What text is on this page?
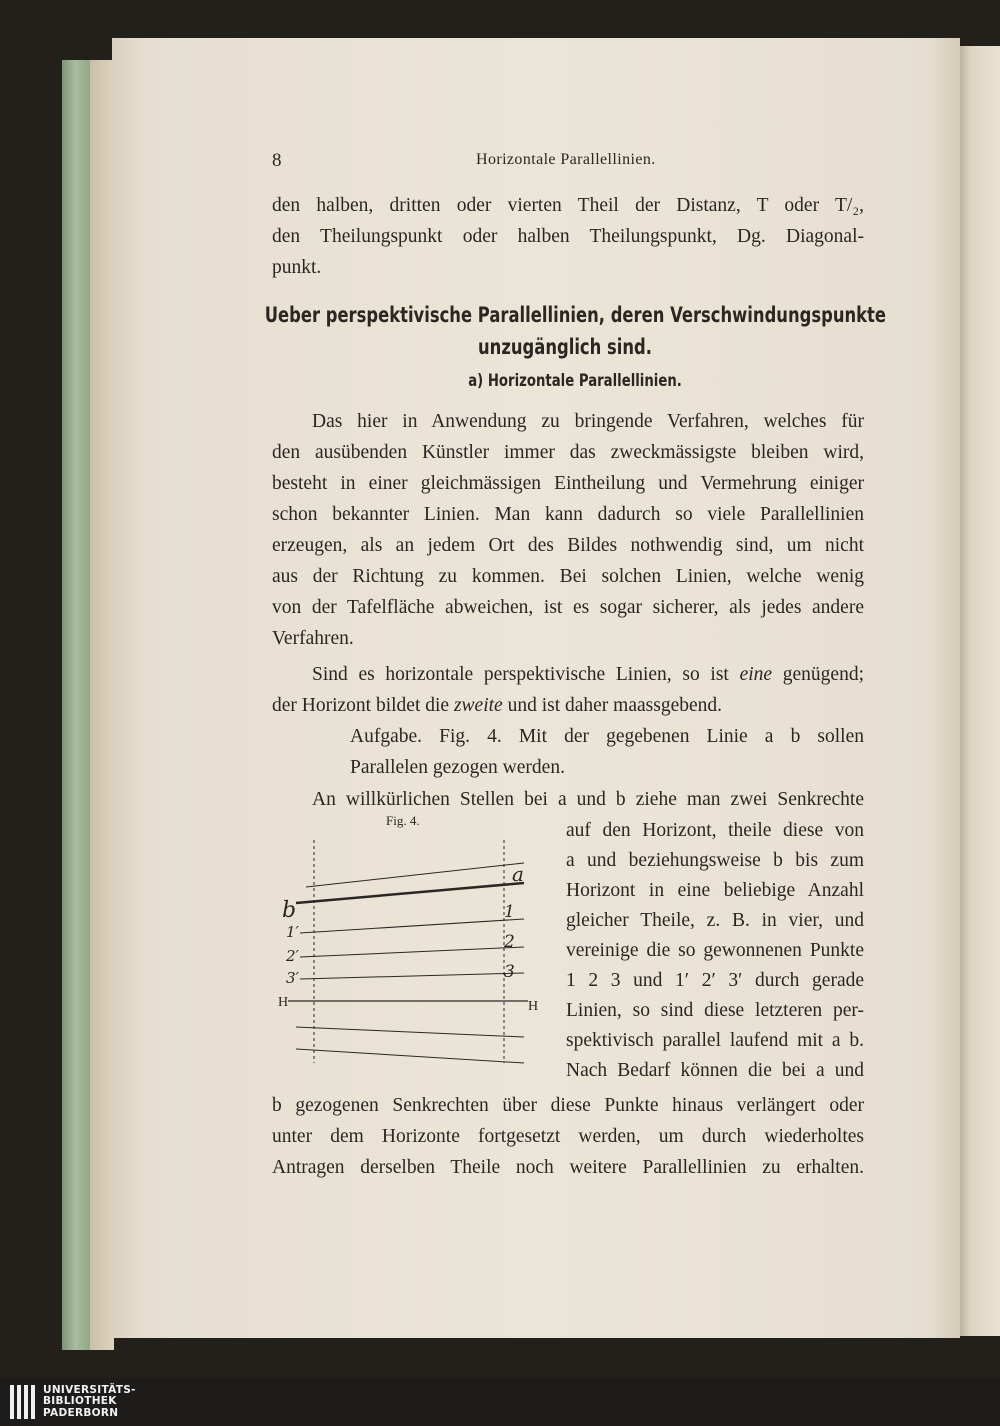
8	Horizontale Parallellinien.
den halben, dritten oder vierten Theil der Distanz, T oder T/₂,
den Theilungspunkt oder halben Theilungspunkt, Dg. Diagonal-
punkt.
Ueber perspektivische Parallellinien, deren Verschwindungspunkte
unzugänglich sind.
a) Horizontale Parallellinien.
Das hier in Anwendung zu bringende Verfahren, welches für
den ausübenden Künstler immer das zweckmässigste bleiben wird,
besteht in einer gleichmässigen Eintheilung und Vermehrung einiger
schon bekannter Linien. Man kann dadurch so viele Parallellinien
erzeugen, als an jedem Ort des Bildes nothwendig sind, um nicht
aus der Richtung zu kommen. Bei solchen Linien, welche wenig
von der Tafelfläche abweichen, ist es sogar sicherer, als jedes andere
Verfahren.
Sind es horizontale perspektivische Linien, so ist eine genügend;
der Horizont bildet die zweite und ist daher maassgebend.
Aufgabe. Fig. 4. Mit der gegebenen Linie a b sollen
Parallelen gezogen werden.
An willkürlichen Stellen bei a und b ziehe man zwei Senkrechte
auf den Horizont, theile diese von
a und beziehungsweise b bis zum
Horizont in eine beliebige Anzahl
gleicher Theile, z. B. in vier, und
vereinige die so gewonnenen Punkte
1 2 3 und 1′ 2′ 3′ durch gerade
Linien, so sind diese letzteren per-
spektivisch parallel laufend mit a b.
Nach Bedarf können die bei a und
b gezogenen Senkrechten über diese Punkte hinaus verlängert oder
unter dem Horizonte fortgesetzt werden, um durch wiederholtes
Antragen derselben Theile noch weitere Parallellinien zu erhalten.
Fig. 4.
a
b	1
2
3
1′
2′
3′
H	H
UNIVERSITÄTS-
BIBLIOTHEK
PADERBORN
